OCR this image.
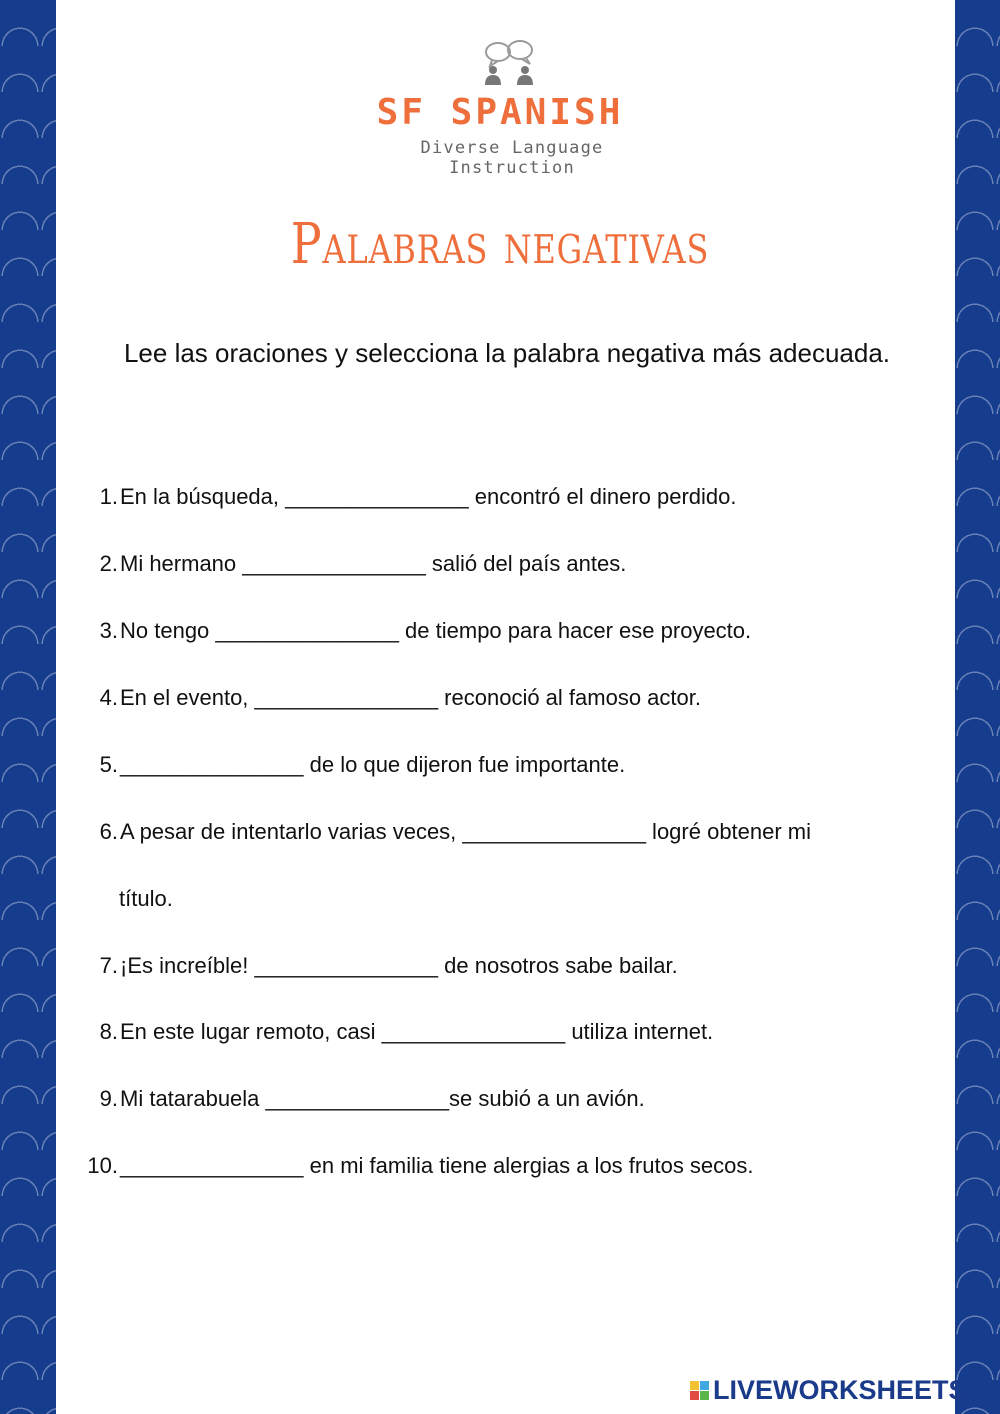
SF SPANISH
Diverse Language Instruction
Palabras negativas
Lee las oraciones y selecciona la palabra negativa más adecuada.
1.En la búsqueda, _______________ encontró el dinero perdido.
2.Mi hermano _______________ salió del país antes.
3.No tengo _______________ de tiempo para hacer ese proyecto.
4.En el evento, _______________ reconoció al famoso actor.
5._______________ de lo que dijeron fue importante.
6.A pesar de intentarlo varias veces, _______________ logré obtener mi
título.
7.¡Es increíble! _______________ de nosotros sabe bailar.
8.En este lugar remoto, casi _______________ utiliza internet.
9.Mi tatarabuela _______________se subió a un avión.
10._______________ en mi familia tiene alergias a los frutos secos.
LIVEWORKSHEETS
